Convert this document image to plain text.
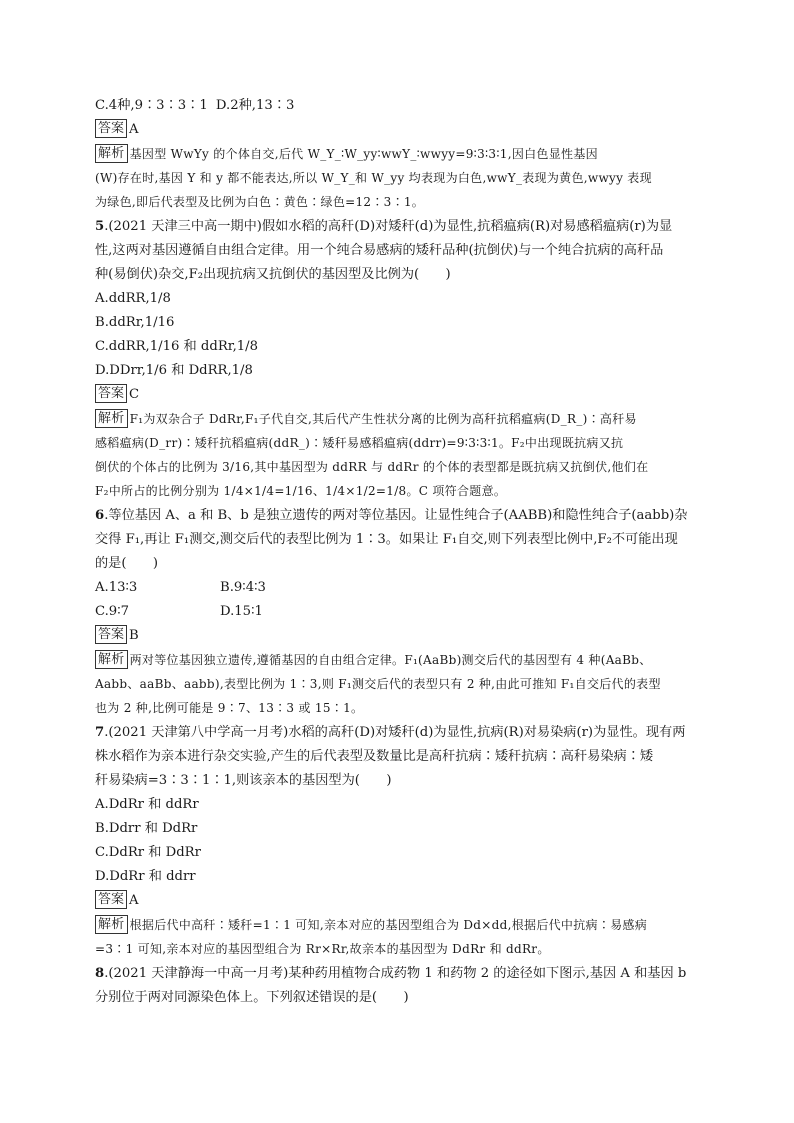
C.4种,9∶3∶3∶1 D.2种,13∶3
答案 A
解析 基因型 WwYy 的个体自交,后代 W_Y_∶W_yy∶wwY_∶wwyy=9∶3∶3∶1,因白色显性基因
(W)存在时,基因 Y 和 y 都不能表达,所以 W_Y_和 W_yy 均表现为白色,wwY_表现为黄色,wwyy 表现
为绿色,即后代表型及比例为白色∶黄色∶绿色=12∶3∶1。
5.(2021 天津三中高一期中)假如水稻的高秆(D)对矮秆(d)为显性,抗稻瘟病(R)对易感稻瘟病(r)为显
性,这两对基因遵循自由组合定律。用一个纯合易感病的矮秆品种(抗倒伏)与一个纯合抗病的高秆品
种(易倒伏)杂交,F₂出现抗病又抗倒伏的基因型及比例为(　　)
A.ddRR,1/8
B.ddRr,1/16
C.ddRR,1/16 和 ddRr,1/8
D.DDrr,1/6 和 DdRR,1/8
答案 C
解析 F₁为双杂合子 DdRr,F₁子代自交,其后代产生性状分离的比例为高秆抗稻瘟病(D_R_)∶高秆易
感稻瘟病(D_rr)∶矮秆抗稻瘟病(ddR_)∶矮秆易感稻瘟病(ddrr)=9∶3∶3∶1。F₂中出现既抗病又抗
倒伏的个体占的比例为 3/16,其中基因型为 ddRR 与 ddRr 的个体的表型都是既抗病又抗倒伏,他们在
F₂中所占的比例分别为 1/4×1/4=1/16、1/4×1/2=1/8。C 项符合题意。
6.等位基因 A、a 和 B、b 是独立遗传的两对等位基因。让显性纯合子(AABB)和隐性纯合子(aabb)杂
交得 F₁,再让 F₁测交,测交后代的表型比例为 1∶3。如果让 F₁自交,则下列表型比例中,F₂不可能出现
的是(　　)
A.13∶3	B.9∶4∶3
C.9∶7	D.15∶1
答案 B
解析 两对等位基因独立遗传,遵循基因的自由组合定律。F₁(AaBb)测交后代的基因型有 4 种(AaBb、
Aabb、aaBb、aabb),表型比例为 1∶3,则 F₁测交后代的表型只有 2 种,由此可推知 F₁自交后代的表型
也为 2 种,比例可能是 9∶7、13∶3 或 15∶1。
7.(2021 天津第八中学高一月考)水稻的高秆(D)对矮秆(d)为显性,抗病(R)对易染病(r)为显性。现有两
株水稻作为亲本进行杂交实验,产生的后代表型及数量比是高秆抗病∶矮秆抗病∶高秆易染病∶矮
秆易染病=3∶3∶1∶1,则该亲本的基因型为(　　)
A.DdRr 和 ddRr
B.Ddrr 和 DdRr
C.DdRr 和 DdRr
D.DdRr 和 ddrr
答案 A
解析 根据后代中高秆∶矮秆=1∶1 可知,亲本对应的基因型组合为 Dd×dd,根据后代中抗病∶易感病
=3∶1 可知,亲本对应的基因型组合为 Rr×Rr,故亲本的基因型为 DdRr 和 ddRr。
8.(2021 天津静海一中高一月考)某种药用植物合成药物 1 和药物 2 的途径如下图示,基因 A 和基因 b
分别位于两对同源染色体上。下列叙述错误的是(　　)
